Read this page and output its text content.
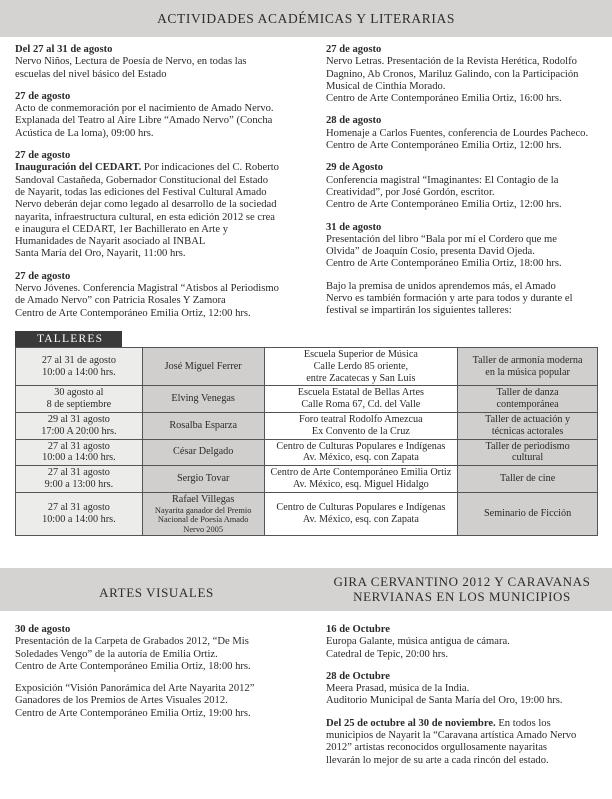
ACTIVIDADES ACADÉMICAS Y LITERARIAS
Del 27 al 31 de agosto
Nervo Niños, Lectura de Poesía de Nervo, en todas las
escuelas del nivel básico del Estado
27 de agosto
Acto de conmemoración por el nacimiento de Amado Nervo.
Explanada del Teatro al Aire Libre “Amado Nervo” (Concha
Acústica de La loma), 09:00 hrs.
27 de agosto
Inauguración del CEDART. Por indicaciones del C. Roberto
Sandoval Castañeda, Gobernador Constitucional del Estado
de Nayarit, todas las ediciones del Festival Cultural Amado
Nervo deberán dejar como legado al desarrollo de la sociedad
nayarita, infraestructura cultural, en esta edición 2012 se crea
e inaugura el CEDART, 1er Bachillerato en Arte y
Humanidades de Nayarit asociado al INBAL
Santa María del Oro, Nayarit, 11:00 hrs.
27 de agosto
Nervo Jóvenes. Conferencia Magistral “Atisbos al Periodismo
de Amado Nervo” con Patricia Rosales Y Zamora
Centro de Arte Contemporáneo Emilia Ortiz, 12:00 hrs.
27 de agosto
Nervo Letras. Presentación de la Revista Herética, Rodolfo
Dagnino, Ab Cronos, Mariluz Galindo, con la Participación
Musical de Cinthia Morado.
Centro de Arte Contemporáneo Emilia Ortiz, 16:00 hrs.
28 de agosto
Homenaje a Carlos Fuentes, conferencia de Lourdes Pacheco.
Centro de Arte Contemporáneo Emilia Ortiz, 12:00 hrs.
29 de Agosto
Conferencia magistral “Imaginantes: El Contagio de la
Creatividad”, por José Gordón, escritor.
Centro de Arte Contemporáneo Emilia Ortiz, 12:00 hrs.
31 de agosto
Presentación del libro “Bala por mí el Cordero que me
Olvida” de Joaquín Cosío, presenta David Ojeda.
Centro de Arte Contemporáneo Emilia Ortiz, 18:00 hrs.
Bajo la premisa de unidos aprendemos más, el Amado
Nervo es también formación y arte para todos y durante el
festival se impartirán los siguientes talleres:
TALLERES
27 al 31 de agosto
10:00 a 14:00 hrs.	José Miguel Ferrer	Escuela Superior de Música
Calle Lerdo 85 oriente,
entre Zacatecas y San Luis	Taller de armonía moderna
en la música popular

30 agosto al
8 de septiembre	Elving Venegas	Escuela Estatal de Bellas Artes
Calle Roma 67, Cd. del Valle	Taller de danza
contemporánea

29 al 31 agosto
17:00 A 20:00 hrs.	Rosalba Esparza	Foro teatral Rodolfo Amezcua
Ex Convento de la Cruz	Taller de actuación y
técnicas actorales

27 al 31 agosto
10:00 a 14:00 hrs.	César Delgado	Centro de Culturas Populares e Indígenas
Av. México, esq. con Zapata	Taller de periodismo
cultural

27 al 31 agosto
9:00 a 13:00 hrs.	Sergio Tovar	Centro de Arte Contemporáneo Emilia Ortiz
Av. México, esq. Miguel Hidalgo	Taller de cine

27 al 31 agosto
10:00 a 14:00 hrs.	Rafael Villegas
Nayarita ganador del Premio
Nacional de Poesía Amado
Nervo 2005	Centro de Culturas Populares e Indígenas
Av. México, esq. con Zapata	Seminario de Ficción
ARTES VISUALES
GIRA CERVANTINO 2012 Y CARAVANAS
NERVIANAS EN LOS MUNICIPIOS
30 de agosto
Presentación de la Carpeta de Grabados 2012, “De Mis
Soledades Vengo” de la autoría de Emilia Ortiz.
Centro de Arte Contemporáneo Emilia Ortiz, 18:00 hrs.
Exposición “Visión Panorámica del Arte Nayarita 2012”
Ganadores de los Premios de Artes Visuales 2012.
Centro de Arte Contemporáneo Emilia Ortiz, 19:00 hrs.
16 de Octubre
Europa Galante, música antigua de cámara.
Catedral de Tepic, 20:00 hrs.
28 de Octubre
Meera Prasad, música de la India.
Auditorio Municipal de Santa María del Oro, 19:00 hrs.
Del 25 de octubre al 30 de noviembre. En todos los
municipios de Nayarit la “Caravana artística Amado Nervo
2012” artistas reconocidos orgullosamente nayaritas
llevarán lo mejor de su arte a cada rincón del estado.
